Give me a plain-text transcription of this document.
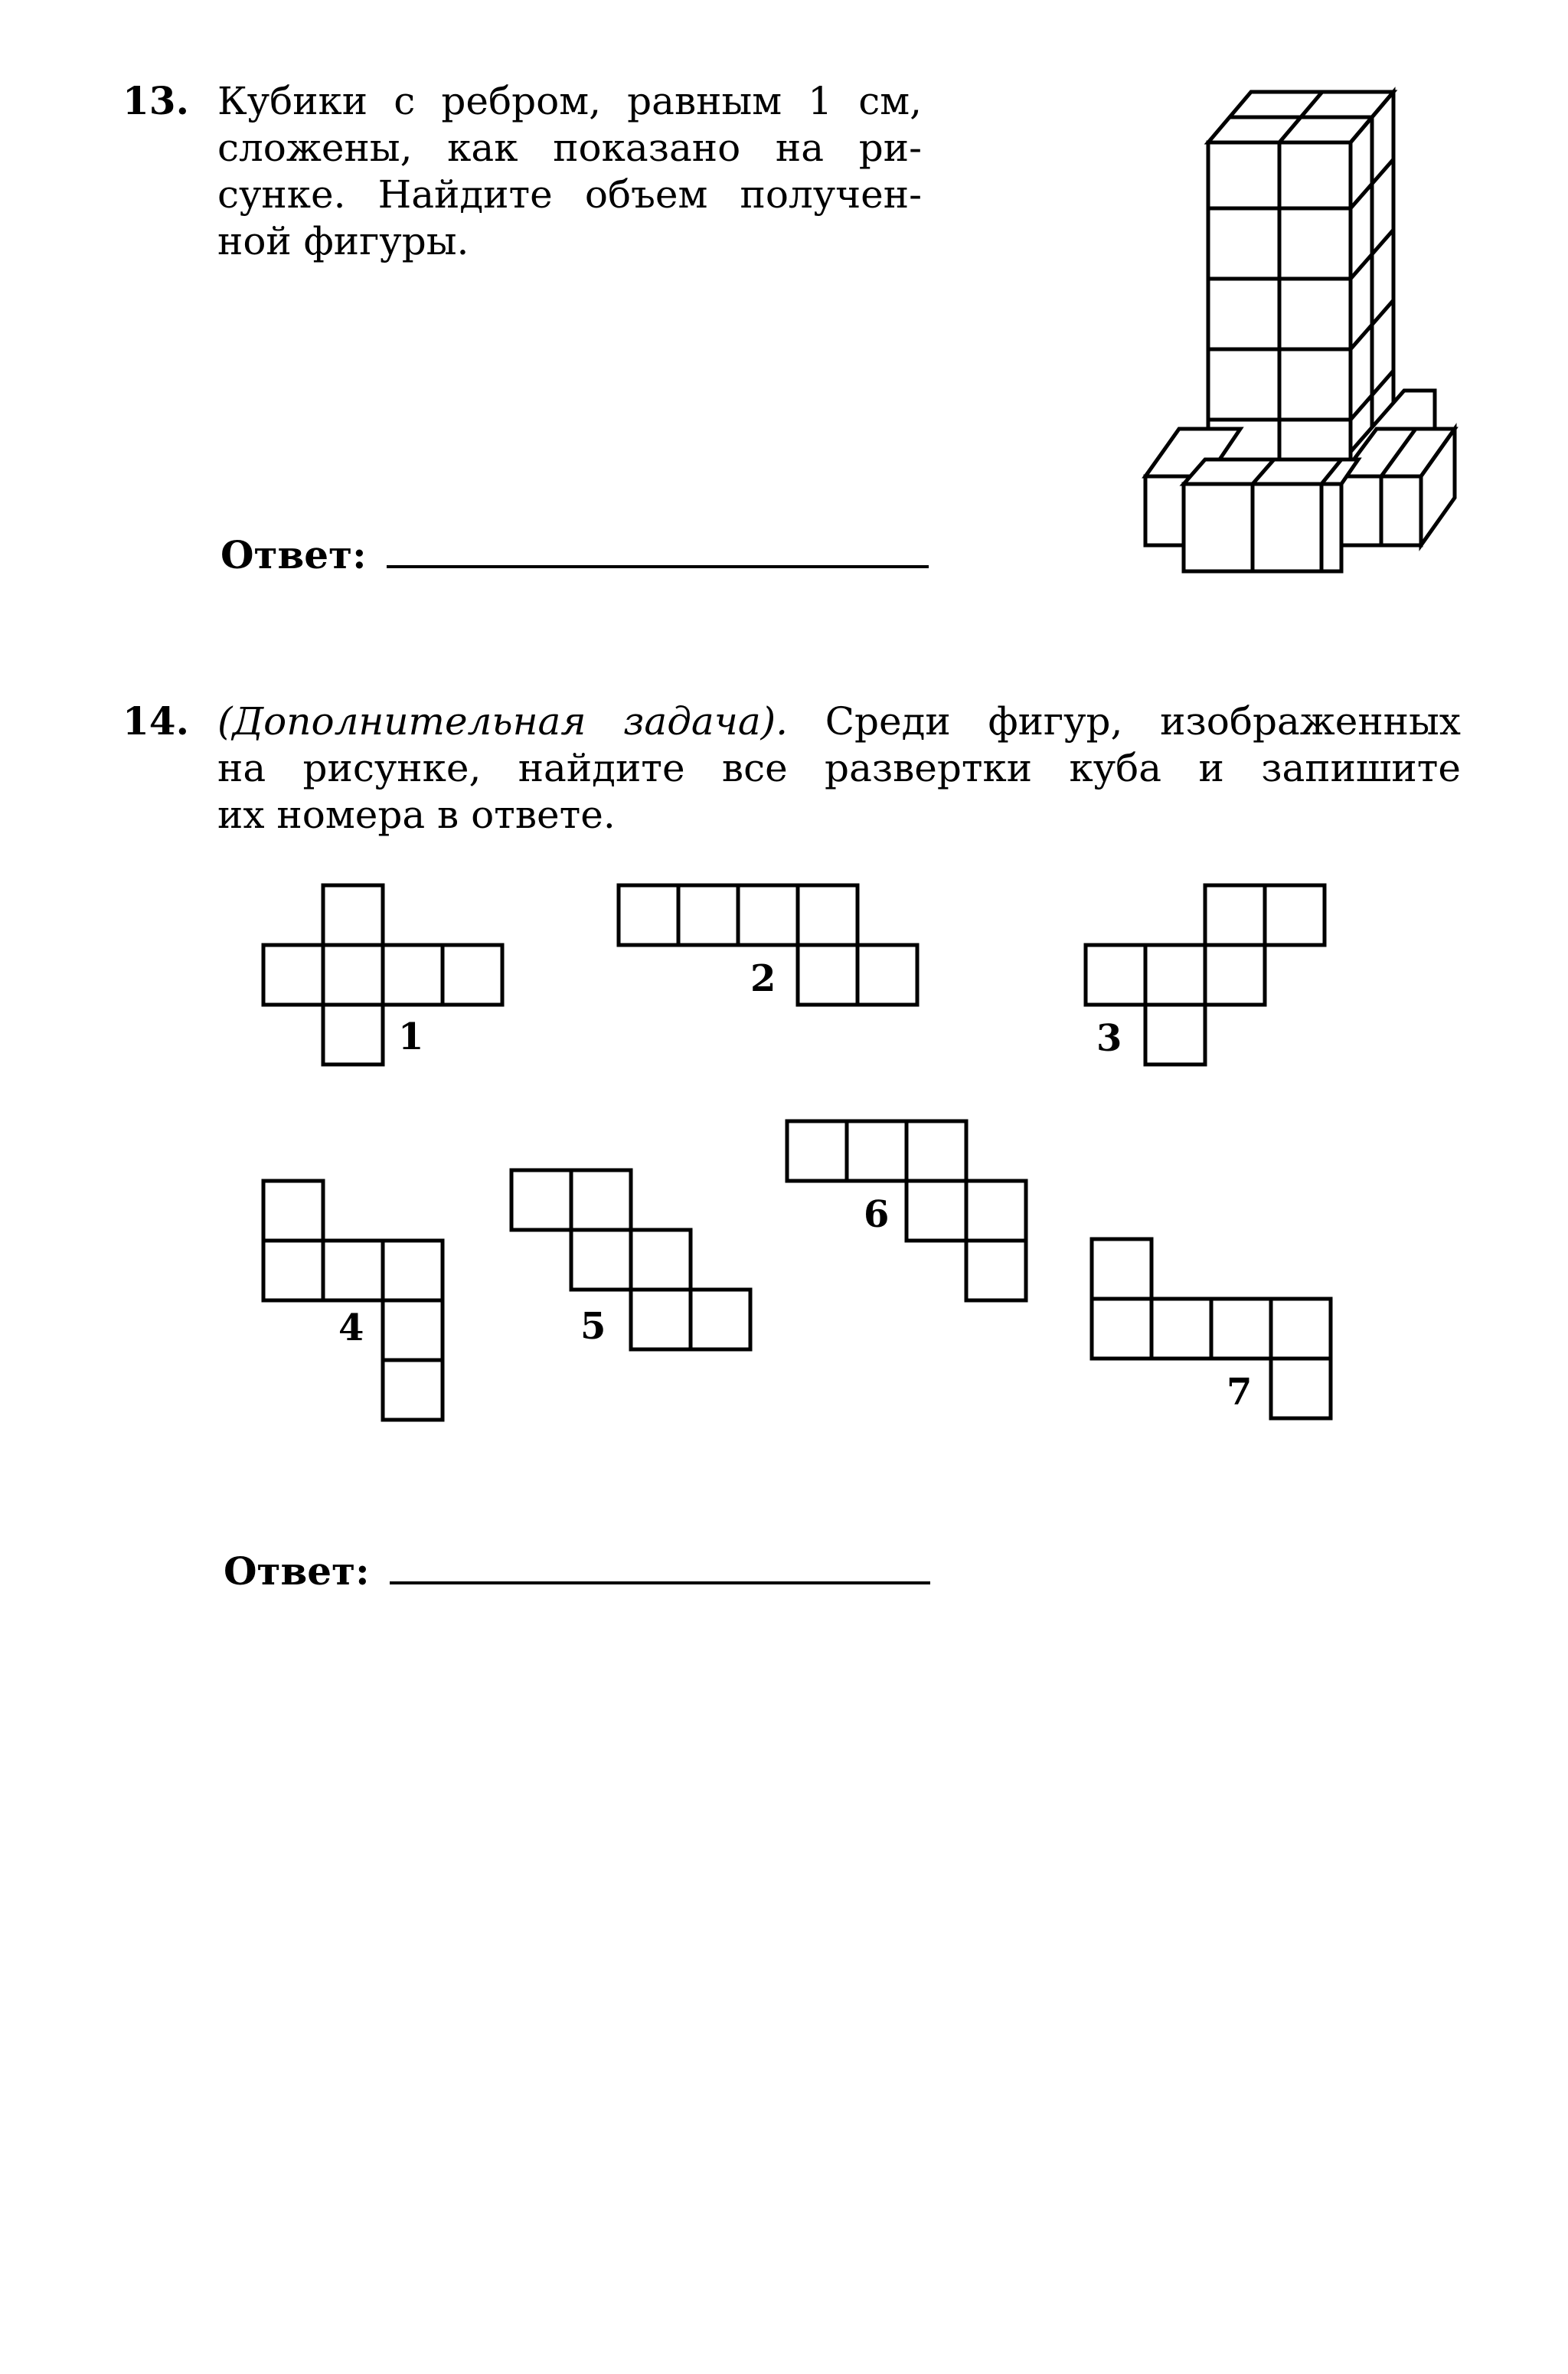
13. Кубики с ребром, равным 1 см,
сложены, как показано на ри-
сунке. Найдите объем получен-
ной фигуры.
Ответ:
14. (Дополнительная задача). Среди фигур, изображенных
на рисунке, найдите все развертки куба и запишите
их номера в ответе.
1
2
3
4	5
6
7
Ответ:
